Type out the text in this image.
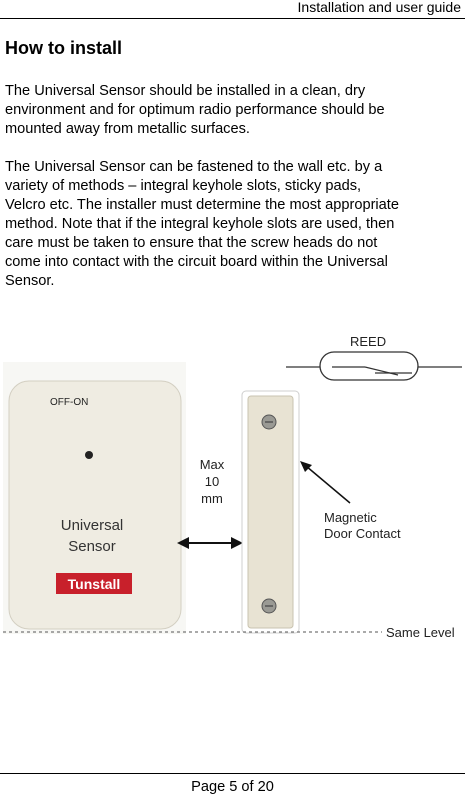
Installation and user guide
How to install
The Universal Sensor should be installed in a clean, dry
environment and for optimum radio performance should be
mounted away from metallic surfaces.
The Universal Sensor can be fastened to the wall etc. by a
variety of methods – integral keyhole slots, sticky pads,
Velcro etc. The installer must determine the most appropriate
method. Note that if the integral keyhole slots are used, then
care must be taken to ensure that the screw heads do not
come into contact with the circuit board within the Universal
Sensor.
REED
OFF-ON
Universal
Sensor
Tunstall
Max
10
mm
Magnetic
Door Contact
Same Level
Page 5 of 20
